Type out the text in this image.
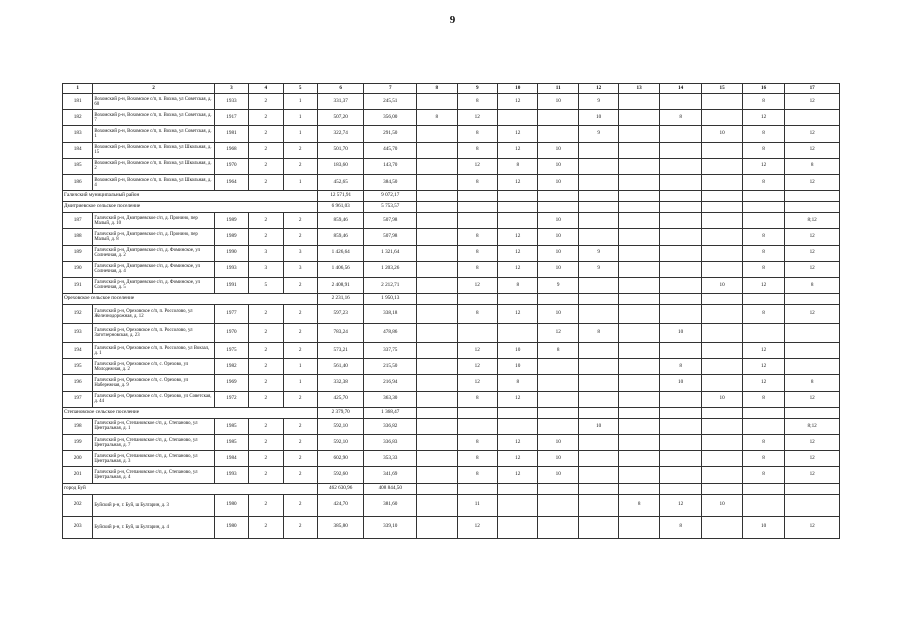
9
1	2	3	4	5	6	7	8	9	10	11	12	13	14	15	16	17
181	Вохомский р-н, Вохомское с/п, п. Вохма, ул Советская, д. 60	1933	2	1	331,37	245,51		8	12	10	9				8	12
182	Вохомский р-н, Вохомское с/п, п. Вохма, ул Советская, д. 7	1917	2	1	507,20	356,00	8	12			10		8		12	
183	Вохомский р-н, Вохомское с/п, п. Вохма, ул Советская, д. 1	1981	2	1	322,74	291,50		8	12		9			10	8	12
184	Вохомский р-н, Вохомское с/п, п. Вохма, ул Школьная, д. 15	1968	2	2	501,70	445,70		8	12	10					8	12
185	Вохомский р-н, Вохомское с/п, п. Вохма, ул Школьная, д. 2	1970	2	2	183,60	143,70		12	8	10					12	8
186	Вохомский р-н, Вохомское с/п, п. Вохма, ул Школьная, д. 4	1964	2	1	452,65	384,50		8	12	10					8	12
Галичский муниципальный район					12 571,91	9 072,17										
Дмитриевское сельское поселение					6 961,03	5 753,57										
187	Галичский р-н, Дмитриевское с/п, д. Пронино, пер Малый, д. 10	1989	2	2	859,46	507,98				10						8;12
188	Галичский р-н, Дмитриевское с/п, д. Пронино, пер Малый, д. 8	1989	2	2	859,46	507,98		8	12	10					8	12
189	Галичский р-н, Дмитриевское с/п, д. Фоминское, ул Солнечная, д. 2	1990	3	3	1 426,64	1 321,64		8	12	10	9				8	12
190	Галичский р-н, Дмитриевское с/п, д. Фоминское, ул Солнечная, д. 4	1993	3	3	1 406,56	1 203,26		8	12	10	9				8	12
191	Галичский р-н, Дмитриевское с/п, д. Фоминское, ул Солнечная, д. 5	1991	5	2	2 408,91	2 212,71		12	8	9				10	12	8
Ореховское сельское поселение					2 231,16	1 950,13										
192	Галичский р-н, Ореховское с/п, п. Россолово, ул Железнодорожная, д. 12	1977	2	2	597,23	338,18		8	12	10					8	12
193	Галичский р-н, Ореховское с/п, п. Россолово, ул Заготзерновская, д. 23	1970	2	2	783,24	478,86				12	8		10			
194	Галичский р-н, Ореховское с/п, п. Россолово, ул Вокзал, д. 1	1975	2	2	573,21	337,75		12	10	8					12	
195	Галичский р-н, Ореховское с/п, с. Орехово, ул Молодежная, д. 2	1982	2	1	561,40	215,50		12	10				8		12	
196	Галичский р-н, Ореховское с/п, с. Орехово, ул Набережная, д. 9	1969	2	1	332,38	216,94		12	8				10		12	8
197	Галичский р-н, Ореховское с/п, с. Орехово, ул Советская, д. 44	1972	2	2	425,70	363,30		8	12					10	8	12
Степановское сельское поселение					2 379,70	1 368,47										
198	Галичский р-н, Степановское с/п, д. Степаново, ул Центральная, д. 1	1985	2	2	592,10	336,82					10					8;12
199	Галичский р-н, Степановское с/п, д. Степаново, ул Центральная, д. 7	1985	2	2	592,10	336,83		8	12	10					8	12
200	Галичский р-н, Степановское с/п, д. Степаново, ул Центральная, д. 3	1984	2	2	602,90	353,33		8	12	10					8	12
201	Галичский р-н, Степановское с/п, д. Степаново, ул Центральная, д. 4	1993	2	2	592,60	341,69		8	12	10					8	12
город Буй					462 630,96	408 844,50										
202	Буйский р-н, г. Буй, ш Булгарин, д. 3	1980	2	2	424,70	381,60		11				8	12	10		
203	Буйский р-н, г. Буй, ш Булгарин, д. 4	1980	2	2	385,80	339,10		12					8		10	12
